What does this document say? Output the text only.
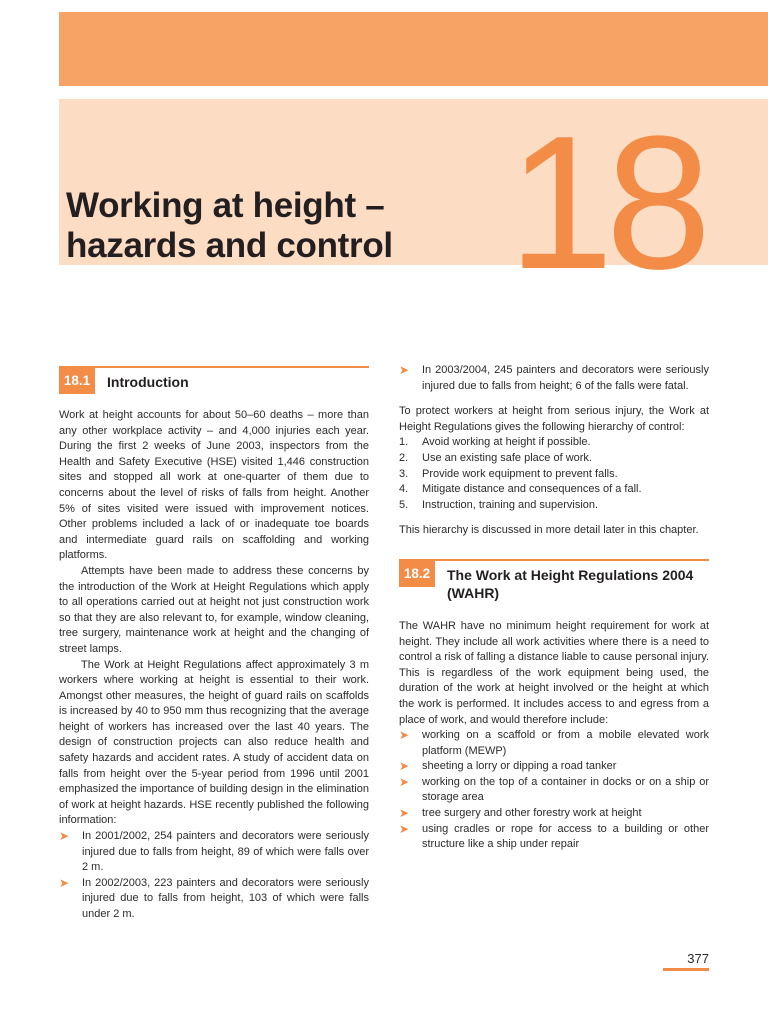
Working at height –
hazards and control 18
18.1	Introduction

Work at height accounts for about 50–60 deaths – more than any other workplace activity – and 4,000 injuries each year. During the first 2 weeks of June 2003, inspectors from the Health and Safety Executive (HSE) visited 1,446 construction sites and stopped all work at one-quarter of them due to concerns about the level of risks of falls from height. Another 5% of sites visited were issued with improvement notices. Other problems included a lack of or inadequate toe boards and intermediate guard rails on scaffolding and working platforms.

Attempts have been made to address these concerns by the introduction of the Work at Height Regulations which apply to all operations carried out at height not just construction work so that they are also relevant to, for example, window cleaning, tree surgery, maintenance work at height and the changing of street lamps.

The Work at Height Regulations affect approximately 3 m workers where working at height is essential to their work. Amongst other measures, the height of guard rails on scaffolds is increased by 40 to 950 mm thus recognizing that the average height of workers has increased over the last 40 years. The design of construction projects can also reduce health and safety hazards and accident rates. A study of accident data on falls from height over the 5-year period from 1996 until 2001 emphasized the importance of building design in the elimination of work at height hazards. HSE recently published the following information:

➤ In 2001/2002, 254 painters and decorators were seriously injured due to falls from height, 89 of which were falls over 2 m.
➤ In 2002/2003, 223 painters and decorators were seriously injured due to falls from height, 103 of which were falls under 2 m.
➤ In 2003/2004, 245 painters and decorators were seriously injured due to falls from height; 6 of the falls were fatal.

To protect workers at height from serious injury, the Work at Height Regulations gives the following hierarchy of control:

1. Avoid working at height if possible.
2. Use an existing safe place of work.
3. Provide work equipment to prevent falls.
4. Mitigate distance and consequences of a fall.
5. Instruction, training and supervision.

This hierarchy is discussed in more detail later in this chapter.

18.2	The Work at Height Regulations 2004 (WAHR)

The WAHR have no minimum height requirement for work at height. They include all work activities where there is a need to control a risk of falling a distance liable to cause personal injury. This is regardless of the work equipment being used, the duration of the work at height involved or the height at which the work is performed. It includes access to and egress from a place of work, and would therefore include:

➤ working on a scaffold or from a mobile elevated work platform (MEWP)
➤ sheeting a lorry or dipping a road tanker
➤ working on the top of a container in docks or on a ship or storage area
➤ tree surgery and other forestry work at height
➤ using cradles or rope for access to a building or other structure like a ship under repair
377
